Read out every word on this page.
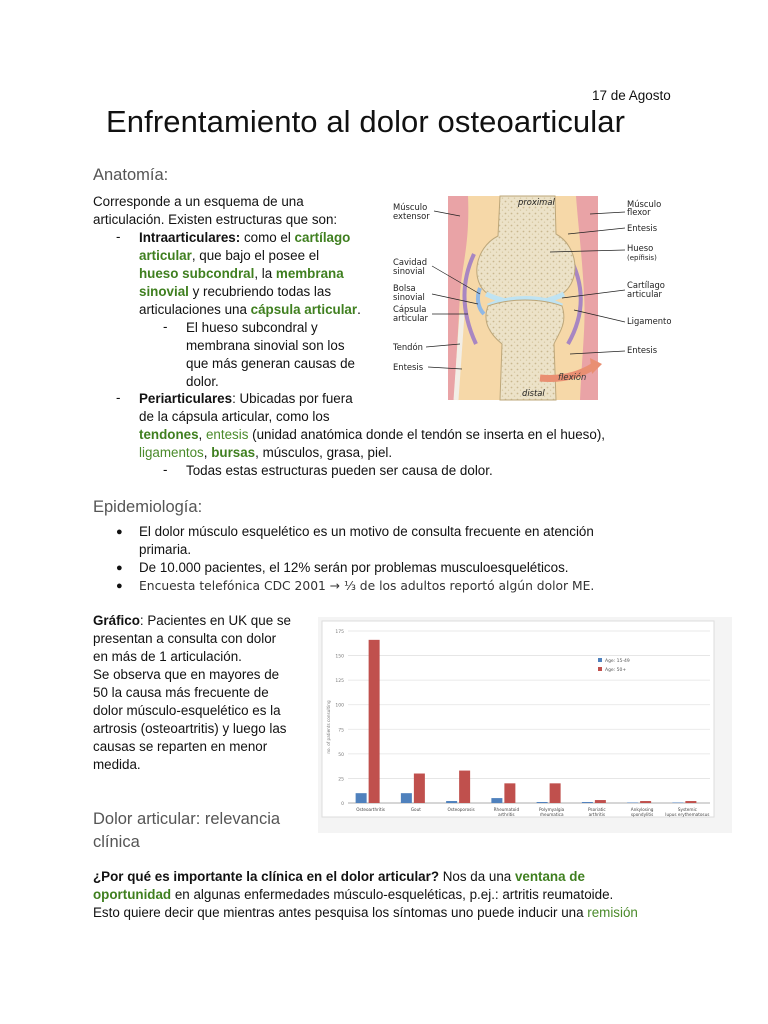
17 de Agosto
Enfrentamiento al dolor osteoarticular
Anatomía:
Corresponde a un esquema de una
articulación. Existen estructuras que son:
- Intraarticulares: como el cartílago
articular, que bajo el posee el
hueso subcondral, la membrana
sinovial y recubriendo todas las
articulaciones una cápsula articular.
- El hueso subcondral y
membrana sinovial son los
que más generan causas de
dolor.
- Periarticulares: Ubicadas por fuera
de la cápsula articular, como los
tendones, entesis (unidad anatómica donde el tendón se inserta en el hueso),
ligamentos, bursas, músculos, grasa, piel.
- Todas estas estructuras pueden ser causa de dolor.
Músculo
extensor
proximal	Músculo
flexor
Entesis
Hueso
(epífisis)
Cavidad
sinovial
Bolsa
sinovial
Cápsula
articular
Cartílago
articular
Ligamento
Tendón	Entesis
Entesis
flexión
distal
Epidemiología:
● El dolor músculo esquelético es un motivo de consulta frecuente en atención
primaria.
● De 10.000 pacientes, el 12% serán por problemas musculoesqueléticos.
● Encuesta telefónica CDC 2001 → ⅓ de los adultos reportó algún dolor ME.
Gráfico: Pacientes en UK que se
presentan a consulta con dolor
en más de 1 articulación.
Se observa que en mayores de
50 la causa más frecuente de
dolor músculo-esquelético es la
artrosis (osteoartritis) y luego las
causas se reparten en menor
medida.
0
25
50
75
100
125
150
175
no. of patients consulting
Osteoarthritis	Gout	Osteoporosis	Rheumatoid
arthritis
Polymyalgia
rheumatica
Psoriatic
arthritis
Ankylosing
spondylitis
Systemic
lupus erythematosus
Age: 15-49
Age: 50+
Dolor articular: relevancia
clínica
¿Por qué es importante la clínica en el dolor articular? Nos da una ventana de
oportunidad en algunas enfermedades músculo-esqueléticas, p.ej.: artritis reumatoide.
Esto quiere decir que mientras antes pesquisa los síntomas uno puede inducir una remisión
